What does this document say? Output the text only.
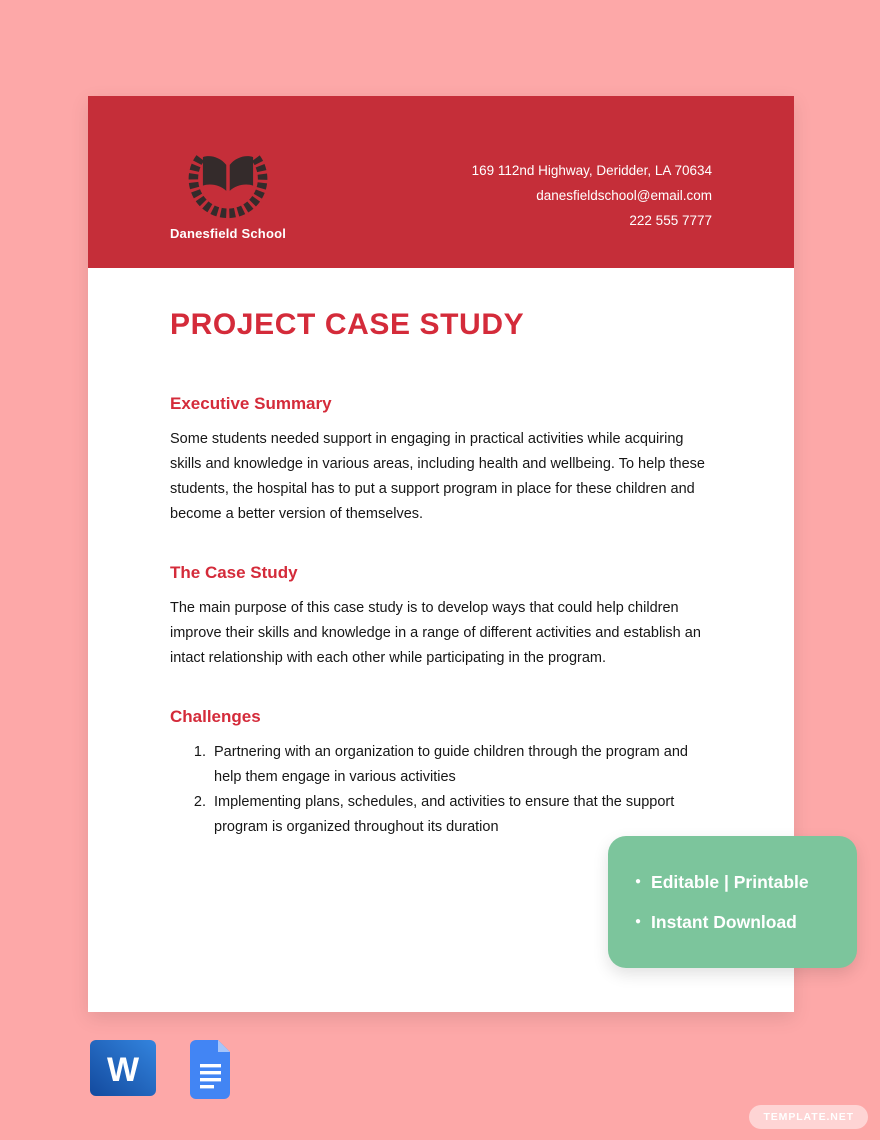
Danesfield School
169 112nd Highway, Deridder, LA 70634
danesfieldschool@email.com
222 555 7777
PROJECT CASE STUDY
Executive Summary

Some students needed support in engaging in practical activities while acquiring skills and knowledge in various areas, including health and wellbeing. To help these students, the hospital has to put a support program in place for these children and become a better version of themselves.

The Case Study

The main purpose of this case study is to develop ways that could help children improve their skills and knowledge in a range of different activities and establish an intact relationship with each other while participating in the program.

Challenges
1. Partnering with an organization to guide children through the program and help them engage in various activities
2. Implementing plans, schedules, and activities to ensure that the support program is organized throughout its duration
● Editable | Printable
● Instant Download
W
TEMPLATE.NET
